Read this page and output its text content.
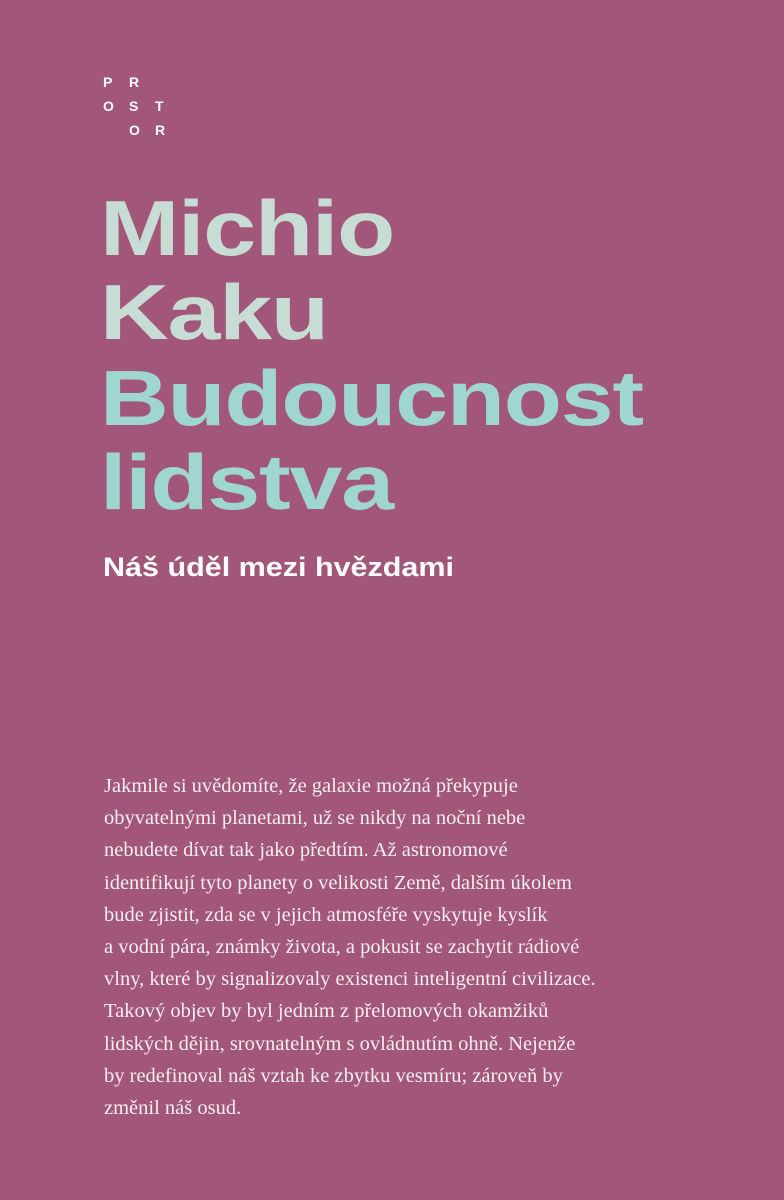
P R
O S T
O R
Michio
Kaku
Budoucnost
lidstva
Náš úděl mezi hvězdami
Jakmile si uvědomíte, že galaxie možná překypuje
obyvatelnými planetami, už se nikdy na noční nebe
nebudete dívat tak jako předtím. Až astronomové
identifikují tyto planety o velikosti Země, dalším úkolem
bude zjistit, zda se v jejich atmosféře vyskytuje kyslík
a vodní pára, známky života, a pokusit se zachytit rádiové
vlny, které by signalizovaly existenci inteligentní civilizace.
Takový objev by byl jedním z přelomových okamžiků
lidských dějin, srovnatelným s ovládnutím ohně. Nejenže
by redefinoval náš vztah ke zbytku vesmíru; zároveň by
změnil náš osud.
